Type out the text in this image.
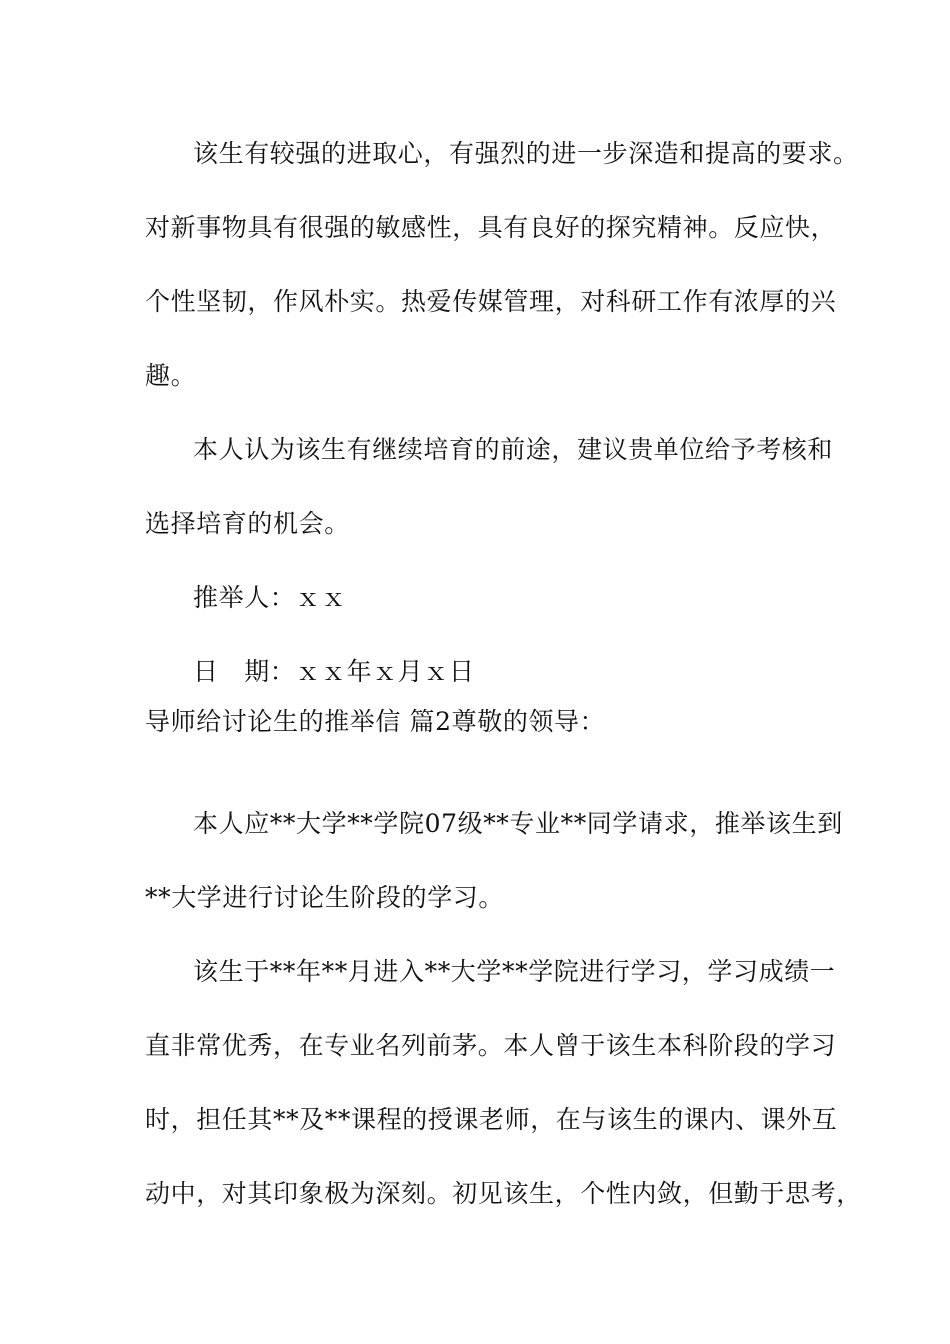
该生有较强的进取心，有强烈的进一步深造和提高的要求。
对新事物具有很强的敏感性，具有良好的探究精神。反应快，
个性坚韧，作风朴实。热爱传媒管理，对科研工作有浓厚的兴
趣。
本人认为该生有继续培育的前途，建议贵单位给予考核和
选择培育的机会。
推举人：ｘｘ
日　期：ｘｘ年ｘ月ｘ日
导师给讨论生的推举信 篇2尊敬的领导：
本人应**大学**学院07级**专业**同学请求，推举该生到
**大学进行讨论生阶段的学习。
该生于**年**月进入**大学**学院进行学习，学习成绩一
直非常优秀，在专业名列前茅。本人曾于该生本科阶段的学习
时，担任其**及**课程的授课老师，在与该生的课内、课外互
动中，对其印象极为深刻。初见该生，个性内敛，但勤于思考，
